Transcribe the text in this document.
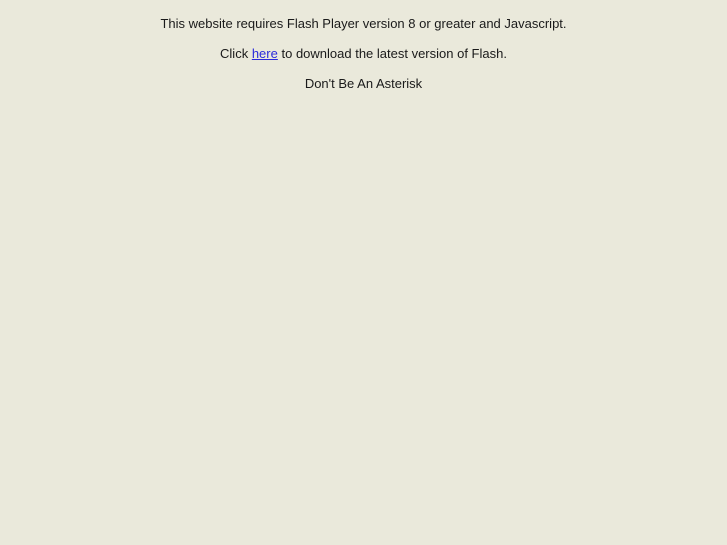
This website requires Flash Player version 8 or greater and Javascript.

Click here to download the latest version of Flash.

Don't Be An Asterisk
